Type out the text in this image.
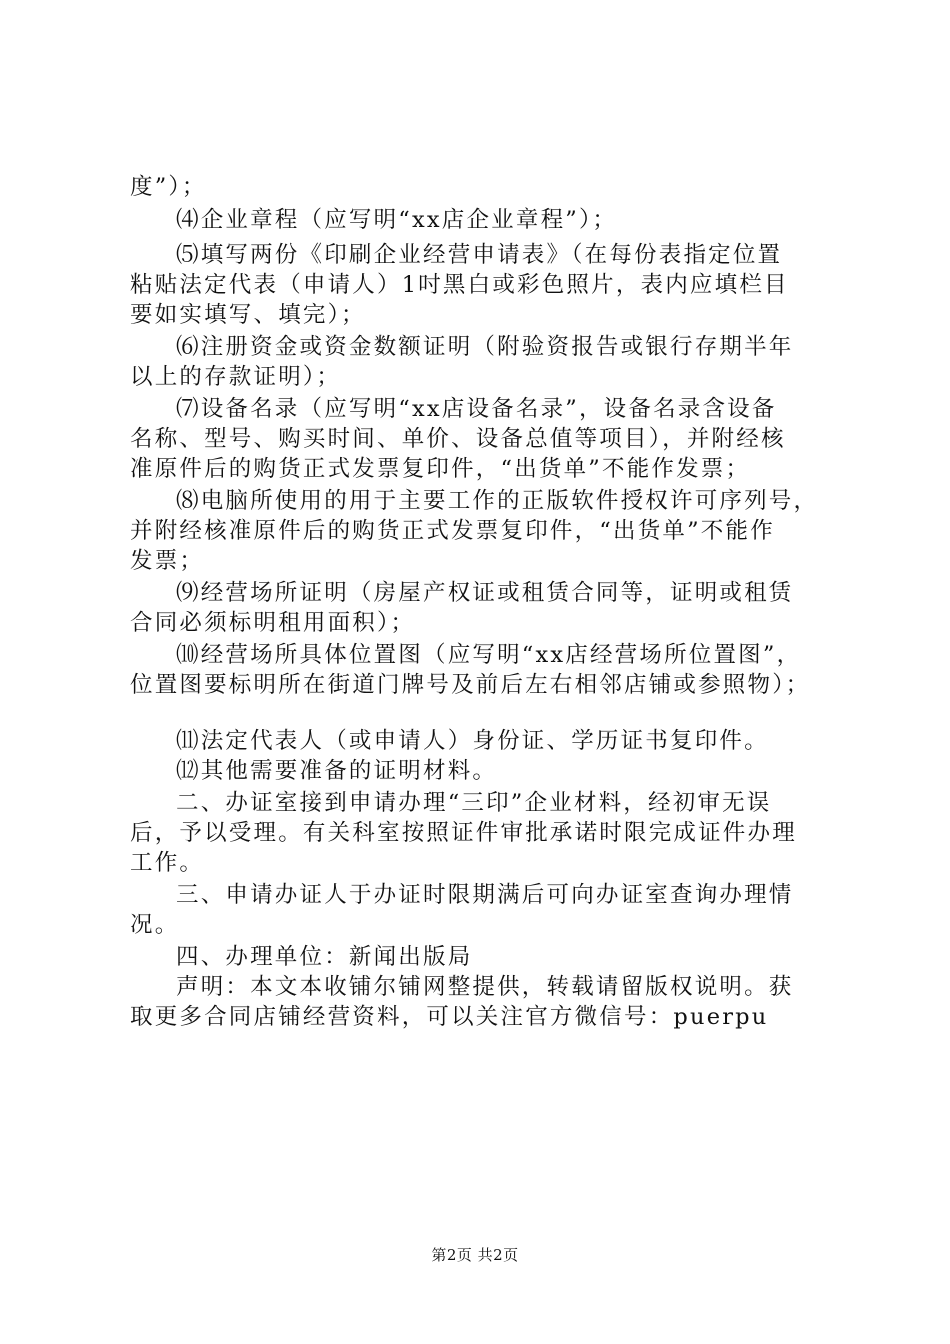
度”）；
⑷企业章程（应写明“xx店企业章程”）；
⑸填写两份《印刷企业经营申请表》（在每份表指定位置
粘贴法定代表（申请人）1吋黑白或彩色照片，表内应填栏目
要如实填写、填完）；
⑹注册资金或资金数额证明（附验资报告或银行存期半年
以上的存款证明）；
⑺设备名录（应写明“xx店设备名录”，设备名录含设备
名称、型号、购买时间、单价、设备总值等项目），并附经核
准原件后的购货正式发票复印件，“出货单”不能作发票；
⑻电脑所使用的用于主要工作的正版软件授权许可序列号，
并附经核准原件后的购货正式发票复印件，“出货单”不能作
发票；
⑼经营场所证明（房屋产权证或租赁合同等，证明或租赁
合同必须标明租用面积）；
⑽经营场所具体位置图（应写明“xx店经营场所位置图”，
位置图要标明所在街道门牌号及前后左右相邻店铺或参照物）；
⑾法定代表人（或申请人）身份证、学历证书复印件。
⑿其他需要准备的证明材料。
二、办证室接到申请办理“三印”企业材料，经初审无误
后，予以受理。有关科室按照证件审批承诺时限完成证件办理
工作。
三、申请办证人于办证时限期满后可向办证室查询办理情
况。
四、办理单位：新闻出版局
声明：本文本收铺尔铺网整提供，转载请留版权说明。获
取更多合同店铺经营资料，可以关注官方微信号：puerpu
第2页 共2页
